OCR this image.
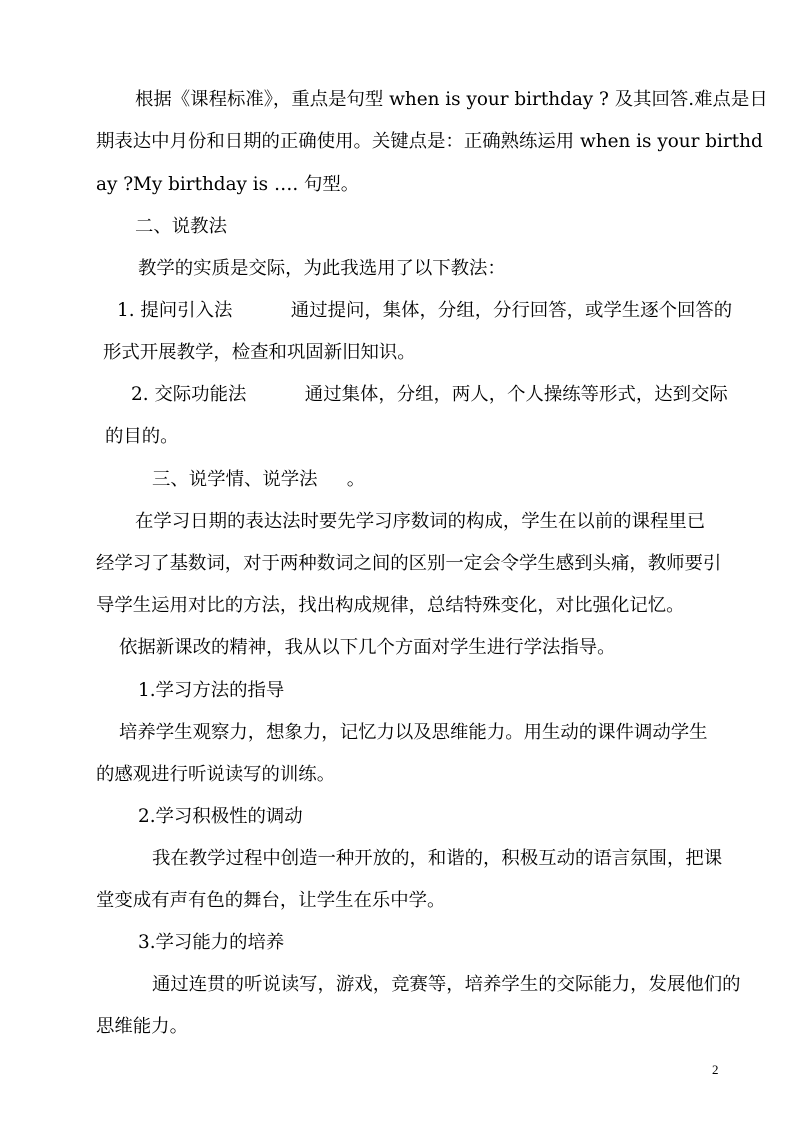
根据《课程标准》，重点是句型 when is your birthday ? 及其回答.难点是日

期表达中月份和日期的正确使用。关键点是：正确熟练运用 when is your birthd

ay ?My birthday is …. 句型。

二、说教法

教学的实质是交际，为此我选用了以下教法：

1. 提问引入法          通过提问，集体，分组，分行回答，或学生逐个回答的

形式开展教学，检查和巩固新旧知识。

2. 交际功能法          通过集体，分组，两人，个人操练等形式，达到交际

的目的。

三、说学情、说学法     。

在学习日期的表达法时要先学习序数词的构成，学生在以前的课程里已

经学习了基数词，对于两种数词之间的区别一定会令学生感到头痛，教师要引

导学生运用对比的方法，找出构成规律，总结特殊变化，对比强化记忆。

依据新课改的精神，我从以下几个方面对学生进行学法指导。

1.学习方法的指导

培养学生观察力，想象力，记忆力以及思维能力。用生动的课件调动学生

的感观进行听说读写的训练。

2.学习积极性的调动

我在教学过程中创造一种开放的，和谐的，积极互动的语言氛围，把课

堂变成有声有色的舞台，让学生在乐中学。

3.学习能力的培养

通过连贯的听说读写，游戏，竞赛等，培养学生的交际能力，发展他们的

思维能力。

2
